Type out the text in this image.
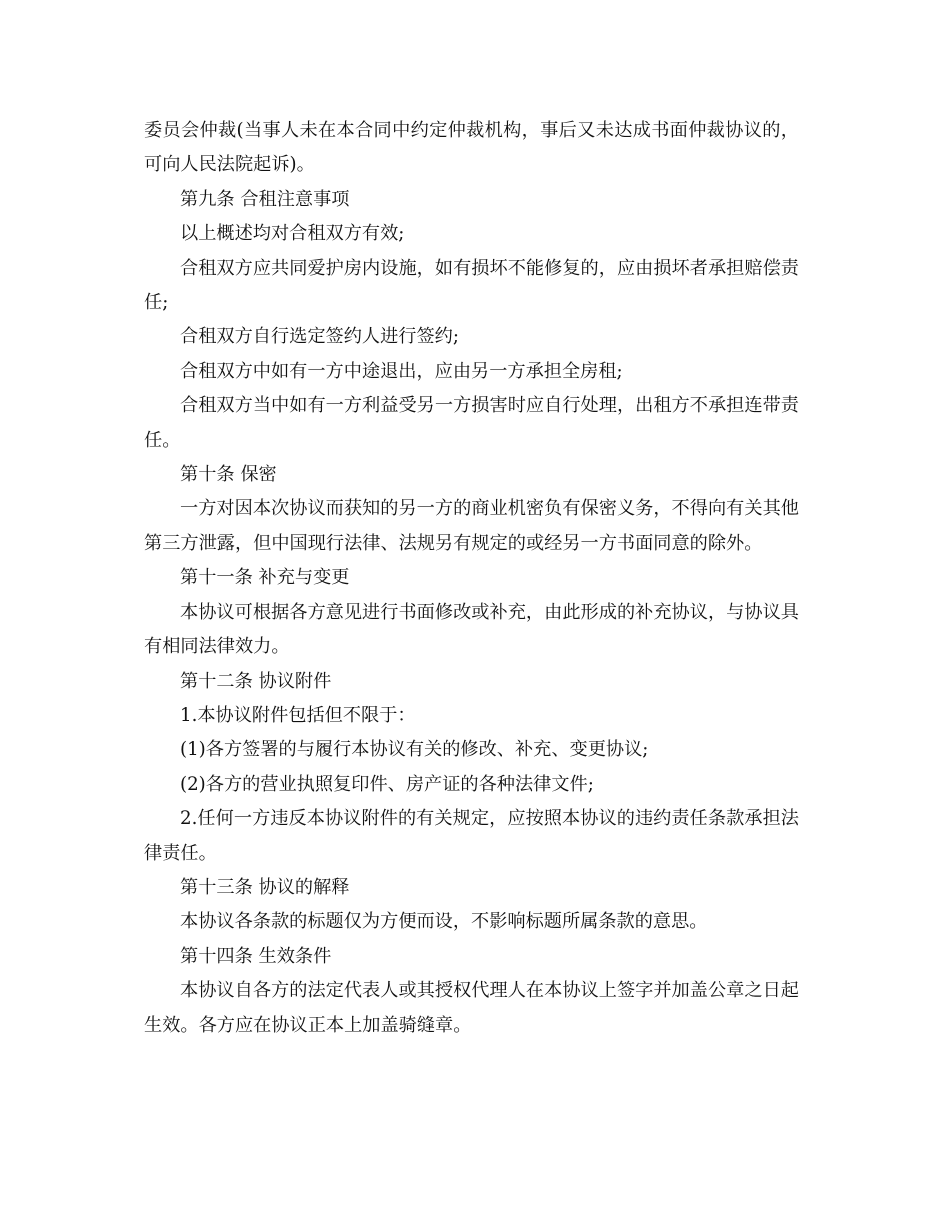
委员会仲裁(当事人未在本合同中约定仲裁机构，事后又未达成书面仲裁协议的，可向人民法院起诉)。

第九条 合租注意事项

以上概述均对合租双方有效;

合租双方应共同爱护房内设施，如有损坏不能修复的，应由损坏者承担赔偿责任;

合租双方自行选定签约人进行签约;

合租双方中如有一方中途退出，应由另一方承担全房租;

合租双方当中如有一方利益受另一方损害时应自行处理，出租方不承担连带责任。

第十条 保密

一方对因本次协议而获知的另一方的商业机密负有保密义务，不得向有关其他第三方泄露，但中国现行法律、法规另有规定的或经另一方书面同意的除外。

第十一条 补充与变更

本协议可根据各方意见进行书面修改或补充，由此形成的补充协议，与协议具有相同法律效力。

第十二条 协议附件

1.本协议附件包括但不限于：

(1)各方签署的与履行本协议有关的修改、补充、变更协议;

(2)各方的营业执照复印件、房产证的各种法律文件;

2.任何一方违反本协议附件的有关规定，应按照本协议的违约责任条款承担法律责任。

第十三条 协议的解释

本协议各条款的标题仅为方便而设，不影响标题所属条款的意思。

第十四条 生效条件

本协议自各方的法定代表人或其授权代理人在本协议上签字并加盖公章之日起生效。各方应在协议正本上加盖骑缝章。
